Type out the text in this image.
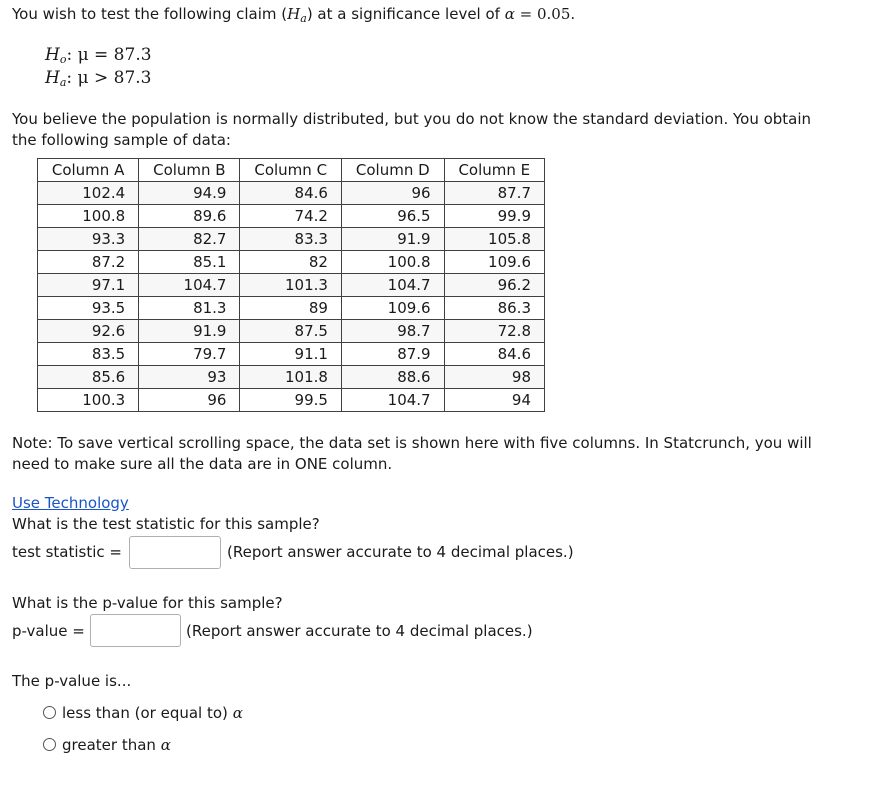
You wish to test the following claim $(H_a)$ at a significance level of α = 0.05.
$H_o$: μ = 87.3
$H_a$: μ > 87.3
You believe the population is normally distributed, but you do not know the standard deviation. You obtain
the following sample of data:
Column A	Column B	Column C	Column D	Column E
102.4	94.9	84.6	96	87.7
100.8	89.6	74.2	96.5	99.9
93.3	82.7	83.3	91.9	105.8
87.2	85.1	82	100.8	109.6
97.1	104.7	101.3	104.7	96.2
93.5	81.3	89	109.6	86.3
92.6	91.9	87.5	98.7	72.8
83.5	79.7	91.1	87.9	84.6
85.6	93	101.8	88.6	98
100.3	96	99.5	104.7	94
Note: To save vertical scrolling space, the data set is shown here with five columns. In Statcrunch, you will
need to make sure all the data are in ONE column.
Use Technology
What is the test statistic for this sample?
test statistic =	(Report answer accurate to 4 decimal places.)
What is the p-value for this sample?
p-value =	(Report answer accurate to 4 decimal places.)
The p-value is...
less than (or equal to) α
greater than α
